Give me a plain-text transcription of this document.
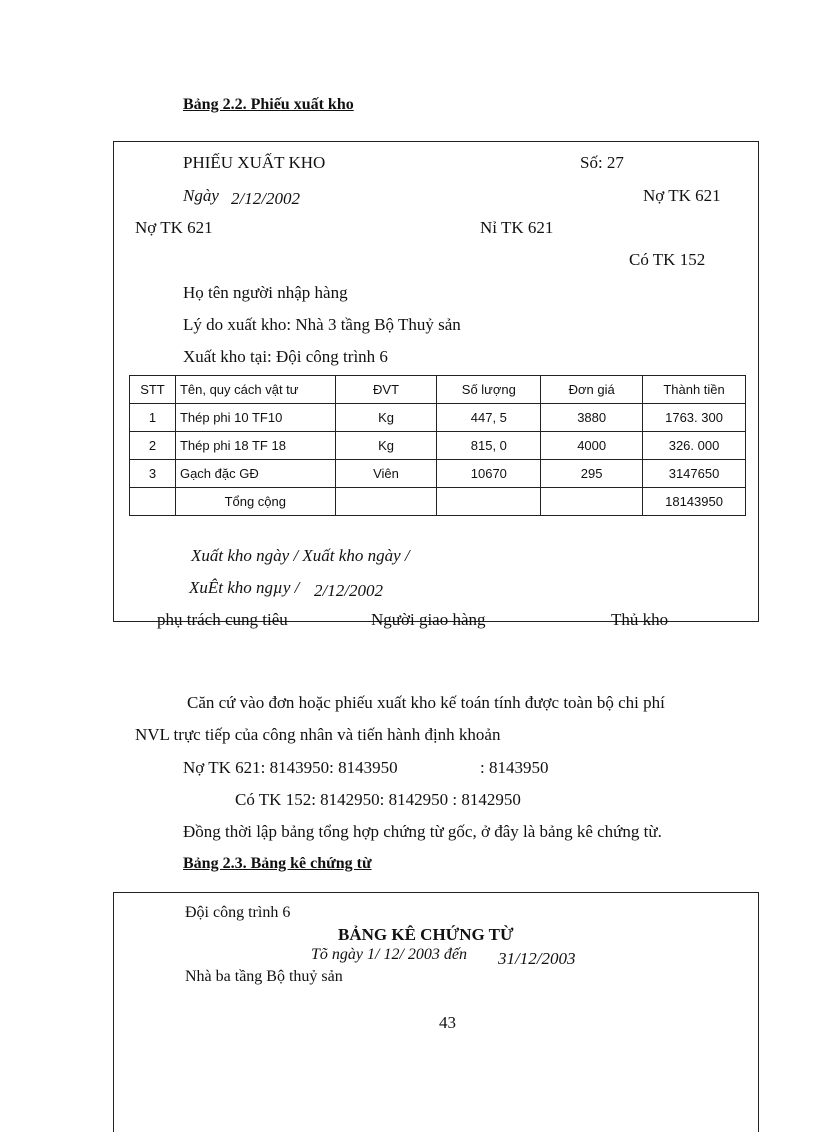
Bảng 2.2. Phiếu xuất kho
PHIẾU XUẤT KHO	Số: 27
Ngày 2/12/2002	Nợ TK 621
Nợ TK 621	Nỉ TK 621
Có TK 152
Họ tên người nhập hàng
Lý do xuất kho: Nhà 3 tầng Bộ Thuỷ sản
Xuất kho tại: Đội công trình 6
STT	Tên, quy cách vật tư	ĐVT	Số lượng	Đơn giá	Thành tiền
1	Thép phi 10 TF10	Kg	447, 5	3880	1763. 300
2	Thép phi 18 TF 18	Kg	815, 0	4000	326. 000
3	Gạch đặc GĐ	Viên	10670	295	3147650
	Tổng cộng				18143950
Xuất kho ngày / Xuất kho ngày /
XuÊt kho ngµy / 2/12/2002
phụ trách cung tiêu	Người giao hàng	Thủ kho
Căn cứ vào đơn hoặc phiếu xuất kho kế toán tính được toàn bộ chi phí
NVL trực tiếp của công nhân và tiến hành định khoản
Nợ TK 621: 8143950: 8143950	: 8143950
Có TK 152: 8142950: 8142950 : 8142950
Đồng thời lập bảng tổng hợp chứng từ gốc, ở đây là bảng kê chứng từ.
Bảng 2.3. Bảng kê chứng từ
Đội công trình 6
BẢNG KÊ CHỨNG TỪ
Tõ ngày 1/ 12/ 2003 đến 31/12/2003
Nhà ba tầng Bộ thuỷ sản
43
